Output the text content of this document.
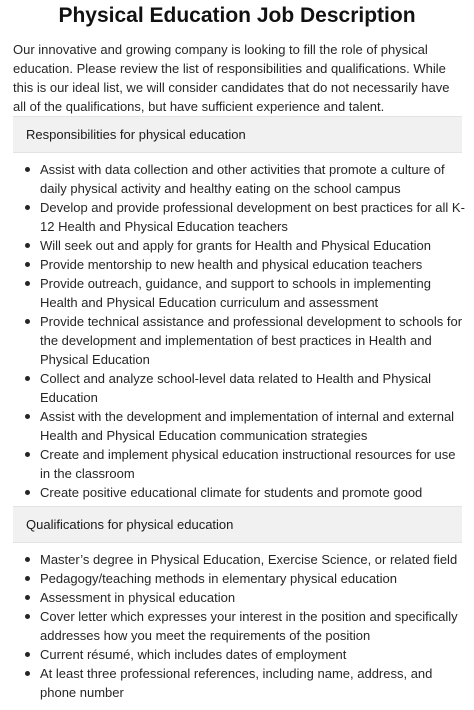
Physical Education Job Description

Our innovative and growing company is looking to fill the role of physical education. Please review the list of responsibilities and qualifications. While this is our ideal list, we will consider candidates that do not necessarily have all of the qualifications, but have sufficient experience and talent.

Responsibilities for physical education
Assist with data collection and other activities that promote a culture of daily physical activity and healthy eating on the school campus
Develop and provide professional development on best practices for all K-12 Health and Physical Education teachers
Will seek out and apply for grants for Health and Physical Education
Provide mentorship to new health and physical education teachers
Provide outreach, guidance, and support to schools in implementing Health and Physical Education curriculum and assessment
Provide technical assistance and professional development to schools for the development and implementation of best practices in Health and Physical Education
Collect and analyze school-level data related to Health and Physical Education
Assist with the development and implementation of internal and external Health and Physical Education communication strategies
Create and implement physical education instructional resources for use in the classroom
Create positive educational climate for students and promote good
Qualifications for physical education
Master’s degree in Physical Education, Exercise Science, or related field
Pedagogy/teaching methods in elementary physical education
Assessment in physical education
Cover letter which expresses your interest in the position and specifically addresses how you meet the requirements of the position
Current résumé, which includes dates of employment
At least three professional references, including name, address, and phone number
